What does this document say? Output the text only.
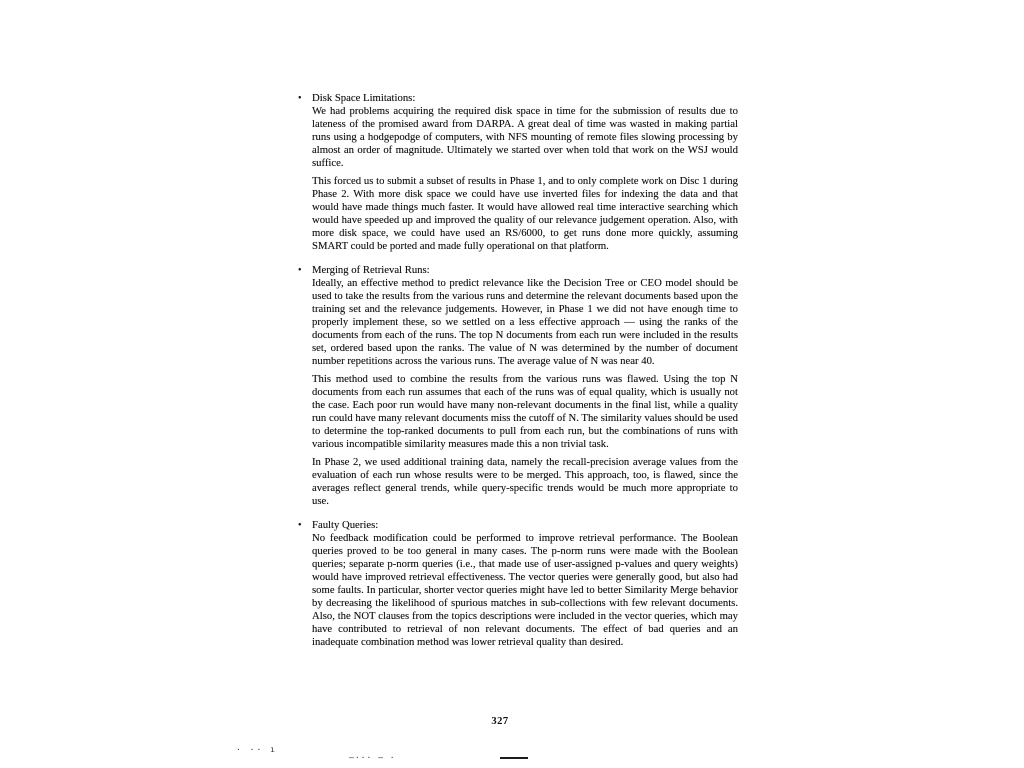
• Disk Space Limitations:

We had problems acquiring the required disk space in time for the submission of results due to lateness of the promised award from DARPA. A great deal of time was wasted in making partial runs using a hodgepodge of computers, with NFS mounting of remote files slowing processing by almost an order of magnitude. Ultimately we started over when told that work on the WSJ would suffice.

This forced us to submit a subset of results in Phase 1, and to only complete work on Disc 1 during Phase 2. With more disk space we could have use inverted files for indexing the data and that would have made things much faster. It would have allowed real time interactive searching which would have speeded up and improved the quality of our relevance judgement operation. Also, with more disk space, we could have used an RS/6000, to get runs done more quickly, assuming SMART could be ported and made fully operational on that platform.

• Merging of Retrieval Runs:

Ideally, an effective method to predict relevance like the Decision Tree or CEO model should be used to take the results from the various runs and determine the relevant documents based upon the training set and the relevance judgements. However, in Phase 1 we did not have enough time to properly implement these, so we settled on a less effective approach — using the ranks of the documents from each of the runs. The top N documents from each run were included in the results set, ordered based upon the ranks. The value of N was determined by the number of document number repetitions across the various runs. The average value of N was near 40.

This method used to combine the results from the various runs was flawed. Using the top N documents from each run assumes that each of the runs was of equal quality, which is usually not the case. Each poor run would have many non-relevant documents in the final list, while a quality run could have many relevant documents miss the cutoff of N. The similarity values should be used to determine the top-ranked documents to pull from each run, but the combinations of runs with various incompatible similarity measures made this a non trivial task.

In Phase 2, we used additional training data, namely the recall-precision average values from the evaluation of each run whose results were to be merged. This approach, too, is flawed, since the averages reflect general trends, while query-specific trends would be much more appropriate to use.

• Faulty Queries:

No feedback modification could be performed to improve retrieval performance. The Boolean queries proved to be too general in many cases. The p-norm runs were made with the Boolean queries; separate p-norm queries (i.e., that made use of user-assigned p-values and query weights) would have improved retrieval effectiveness. The vector queries were generally good, but also had some faults. In particular, shorter vector queries might have led to better Similarity Merge behavior by decreasing the likelihood of spurious matches in sub-collections with few relevant documents. Also, the NOT clauses from the topics descriptions were included in the vector queries, which may have contributed to retrieval of non relevant documents. The effect of bad queries and an inadequate combination method was lower retrieval quality than desired.

327
· ·· ı
–··· – ·
